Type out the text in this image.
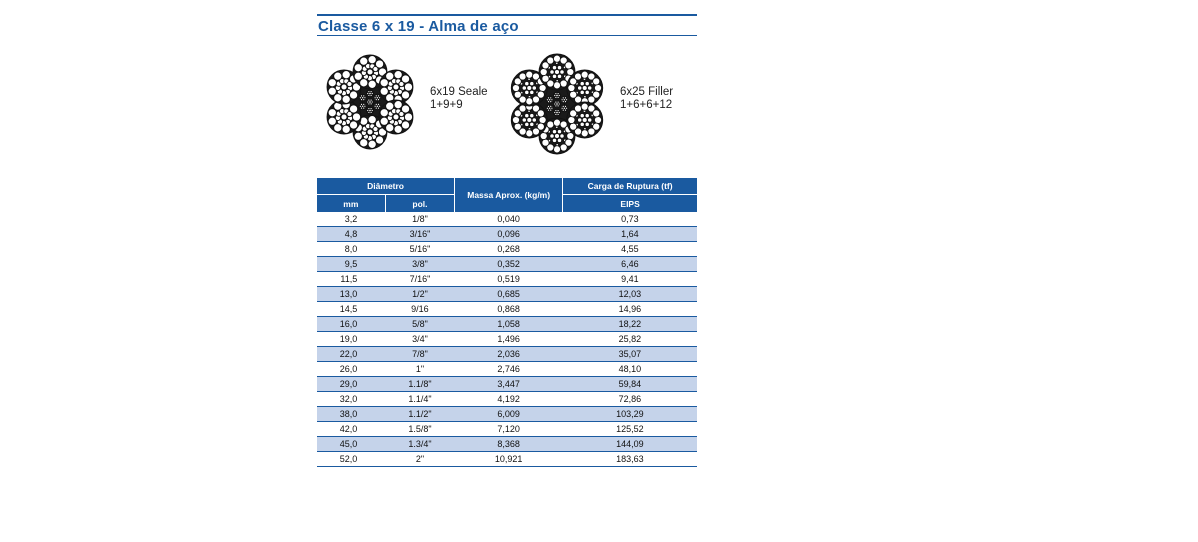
Classe 6 x 19 - Alma de aço
6x19 Seale
1+9+9
6x25 Filler
1+6+6+12
Diâmetro		Massa Aprox. (kg/m)	Carga de Ruptura (tf)
mm	pol.		EIPS
3,2	1/8"	0,040	0,73
4,8	3/16"	0,096	1,64
8,0	5/16"	0,268	4,55
9,5	3/8"	0,352	6,46
11,5	7/16"	0,519	9,41
13,0	1/2"	0,685	12,03
14,5	9/16	0,868	14,96
16,0	5/8"	1,058	18,22
19,0	3/4"	1,496	25,82
22,0	7/8"	2,036	35,07
26,0	1"	2,746	48,10
29,0	1.1/8"	3,447	59,84
32,0	1.1/4"	4,192	72,86
38,0	1.1/2"	6,009	103,29
42,0	1.5/8"	7,120	125,52
45,0	1.3/4"	8,368	144,09
52,0	2"	10,921	183,63
